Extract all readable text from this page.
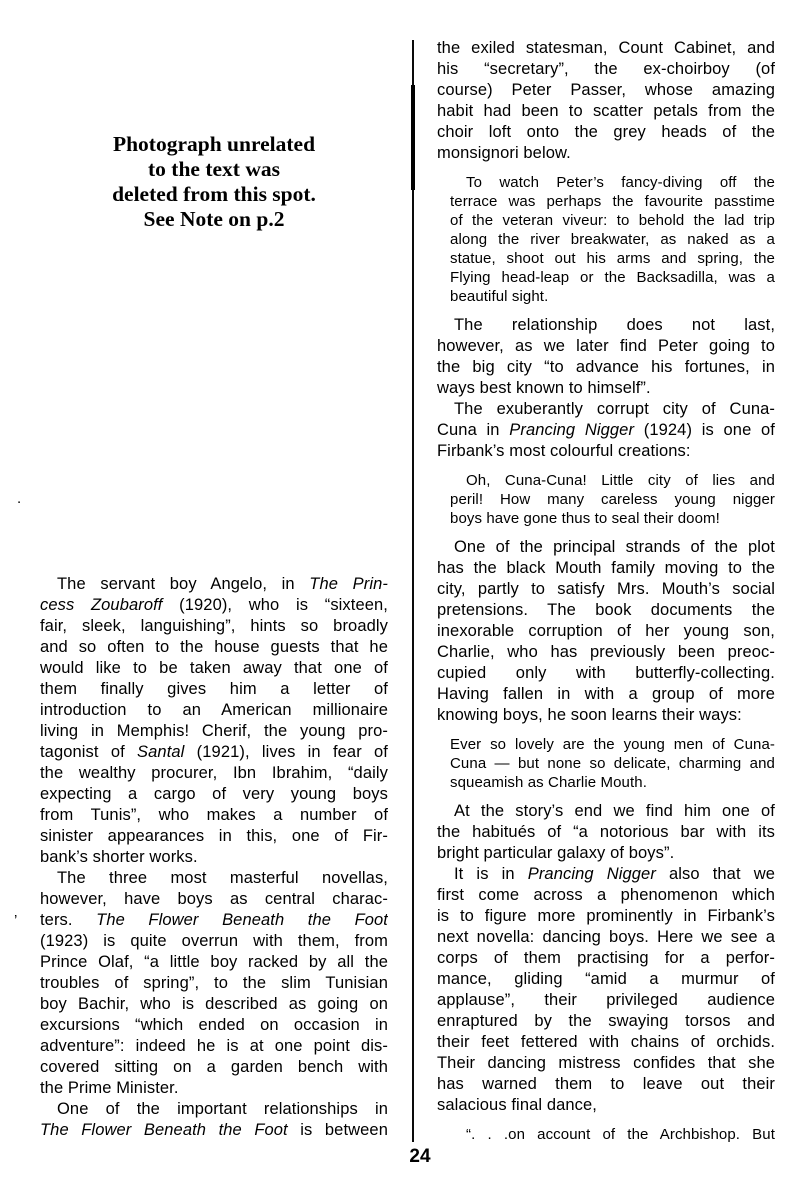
Photograph unrelated
to the text was
deleted from this spot.
See Note on p.2
The servant boy Angelo, in The Prin-
cess Zoubaroff (1920), who is “sixteen,
fair, sleek, languishing”, hints so broadly
and so often to the house guests that he
would like to be taken away that one of
them finally gives him a letter of
introduction to an American millionaire
living in Memphis! Cherif, the young pro-
tagonist of Santal (1921), lives in fear of
the wealthy procurer, Ibn Ibrahim, “daily
expecting a cargo of very young boys
from Tunis”, who makes a number of
sinister appearances in this, one of Fir-
bank’s shorter works.
The three most masterful novellas,
however, have boys as central charac-
ters. The Flower Beneath the Foot
(1923) is quite overrun with them, from
Prince Olaf, “a little boy racked by all the
troubles of spring”, to the slim Tunisian
boy Bachir, who is described as going on
excursions “which ended on occasion in
adventure”: indeed he is at one point dis-
covered sitting on a garden bench with
the Prime Minister.
One of the important relationships in
The Flower Beneath the Foot is between
the exiled statesman, Count Cabinet, and
his “secretary”, the ex-choirboy (of
course) Peter Passer, whose amazing
habit had been to scatter petals from the
choir loft onto the grey heads of the
monsignori below.
To watch Peter’s fancy-diving off the
terrace was perhaps the favourite passtime
of the veteran viveur: to behold the lad trip
along the river breakwater, as naked as a
statue, shoot out his arms and spring, the
Flying head-leap or the Backsadilla, was a
beautiful sight.
The relationship does not last,
however, as we later find Peter going to
the big city “to advance his fortunes, in
ways best known to himself”.
The exuberantly corrupt city of Cuna-
Cuna in Prancing Nigger (1924) is one of
Firbank’s most colourful creations:
Oh, Cuna-Cuna! Little city of lies and
peril! How many careless young nigger
boys have gone thus to seal their doom!
One of the principal strands of the plot
has the black Mouth family moving to the
city, partly to satisfy Mrs. Mouth’s social
pretensions. The book documents the
inexorable corruption of her young son,
Charlie, who has previously been preoc-
cupied only with butterfly-collecting.
Having fallen in with a group of more
knowing boys, he soon learns their ways:
Ever so lovely are the young men of Cuna-
Cuna — but none so delicate, charming and
squeamish as Charlie Mouth.
At the story’s end we find him one of
the habitués of “a notorious bar with its
bright particular galaxy of boys”.
It is in Prancing Nigger also that we
first come across a phenomenon which
is to figure more prominently in Firbank’s
next novella: dancing boys. Here we see a
corps of them practising for a perfor-
mance, gliding “amid a murmur of
applause”, their privileged audience
enraptured by the swaying torsos and
their feet fettered with chains of orchids.
Their dancing mistress confides that she
has warned them to leave out their
salacious final dance,
“. . .on account of the Archbishop. But
24
.
’
